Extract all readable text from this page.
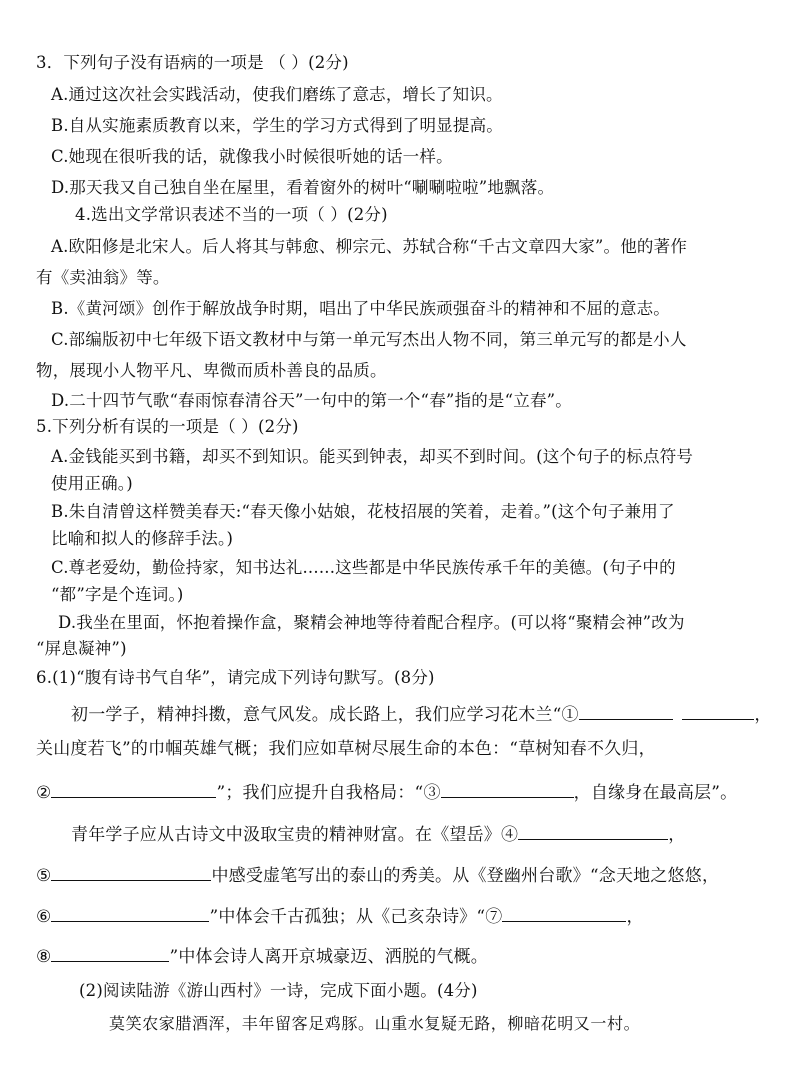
3．下列句子没有语病的一项是 （ ）(2分)
A.通过这次社会实践活动，使我们磨练了意志，增长了知识。
B.自从实施素质教育以来，学生的学习方式得到了明显提高。
C.她现在很听我的话，就像我小时候很听她的话一样。
D.那天我又自己独自坐在屋里，看着窗外的树叶“唰唰啦啦”地飘落。
4.选出文学常识表述不当的一项（ ）(2分)
A.欧阳修是北宋人。后人将其与韩愈、柳宗元、苏轼合称“千古文章四大家”。他的著作
有《卖油翁》等。
B.《黄河颂》创作于解放战争时期，唱出了中华民族顽强奋斗的精神和不屈的意志。
C.部编版初中七年级下语文教材中与第一单元写杰出人物不同，第三单元写的都是小人
物，展现小人物平凡、卑微而质朴善良的品质。
D.二十四节气歌“春雨惊春清谷天”一句中的第一个“春”指的是“立春”。
5.下列分析有误的一项是（ ）(2分)
A.金钱能买到书籍，却买不到知识。能买到钟表，却买不到时间。(这个句子的标点符号
使用正确。)
B.朱自清曾这样赞美春天:“春天像小姑娘，花枝招展的笑着，走着。”(这个句子兼用了
比喻和拟人的修辞手法。)
C.尊老爱幼，勤俭持家，知书达礼......这些都是中华民族传承千年的美德。(句子中的
“都”字是个连词。)
D.我坐在里面，怀抱着操作盒，聚精会神地等待着配合程序。(可以将“聚精会神”改为
“屏息凝神”)
6.(1)“腹有诗书气自华”，请完成下列诗句默写。(8分)
初一学子，精神抖擞，意气风发。成长路上，我们应学习花木兰“①	，
关山度若飞”的巾帼英雄气概；我们应如草树尽展生命的本色：“草树知春不久归，
②	”；我们应提升自我格局：“③	，自缘身在最高层”。
青年学子应从古诗文中汲取宝贵的精神财富。在《望岳》④	，
⑤	中感受虚笔写出的泰山的秀美。从《登幽州台歌》“念天地之悠悠，
⑥	”中体会千古孤独；从《己亥杂诗》“⑦	，
⑧	”中体会诗人离开京城豪迈、洒脱的气概。
(2)阅读陆游《游山西村》一诗，完成下面小题。(4分)
莫笑农家腊酒浑，丰年留客足鸡豚。山重水复疑无路，柳暗花明又一村。
